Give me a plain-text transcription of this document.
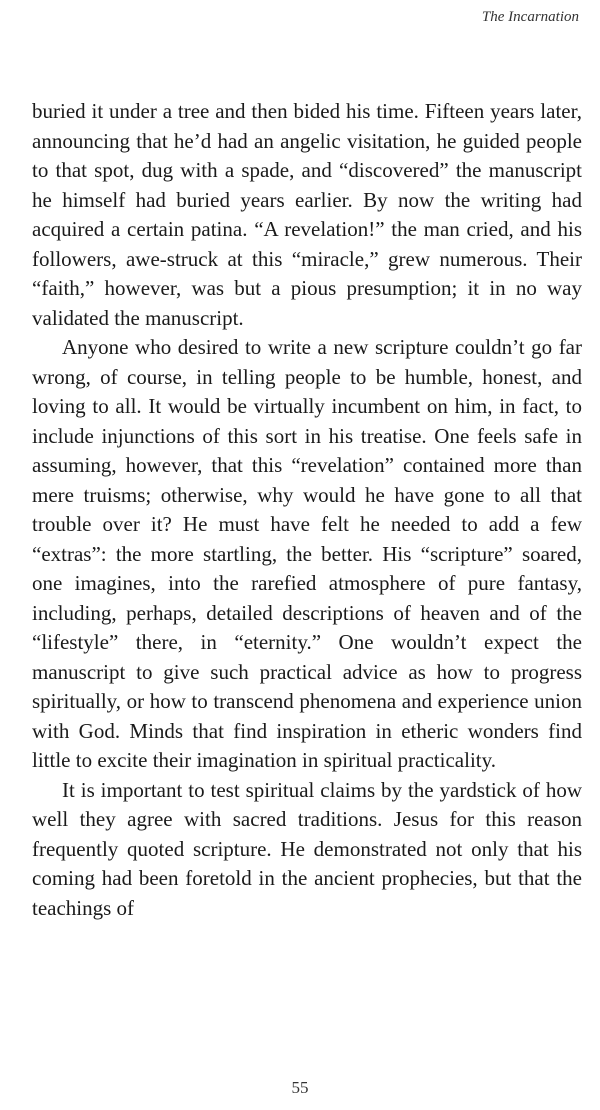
The Incarnation

buried it under a tree and then bided his time. Fifteen years later, announcing that he’d had an angelic visitation, he guided people to that spot, dug with a spade, and “discovered” the manuscript he himself had buried years earlier. By now the writing had acquired a certain patina. “A revelation!” the man cried, and his followers, awe-struck at this “miracle,” grew numerous. Their “faith,” however, was but a pious presumption; it in no way validated the manuscript.

Anyone who desired to write a new scripture couldn’t go far wrong, of course, in telling people to be humble, honest, and loving to all. It would be virtually incumbent on him, in fact, to include injunctions of this sort in his treatise. One feels safe in assuming, however, that this “revelation” contained more than mere truisms; otherwise, why would he have gone to all that trouble over it? He must have felt he needed to add a few “extras”: the more startling, the better. His “scripture” soared, one imagines, into the rarefied atmosphere of pure fantasy, including, perhaps, detailed descriptions of heaven and of the “lifestyle” there, in “eternity.” One wouldn’t expect the manuscript to give such practical advice as how to progress spiritually, or how to transcend phenomena and experience union with God. Minds that find inspiration in etheric wonders find little to excite their imagination in spiritual practicality.

It is important to test spiritual claims by the yardstick of how well they agree with sacred traditions. Jesus for this reason frequently quoted scripture. He demonstrated not only that his coming had been foretold in the ancient prophecies, but that the teachings of

55
